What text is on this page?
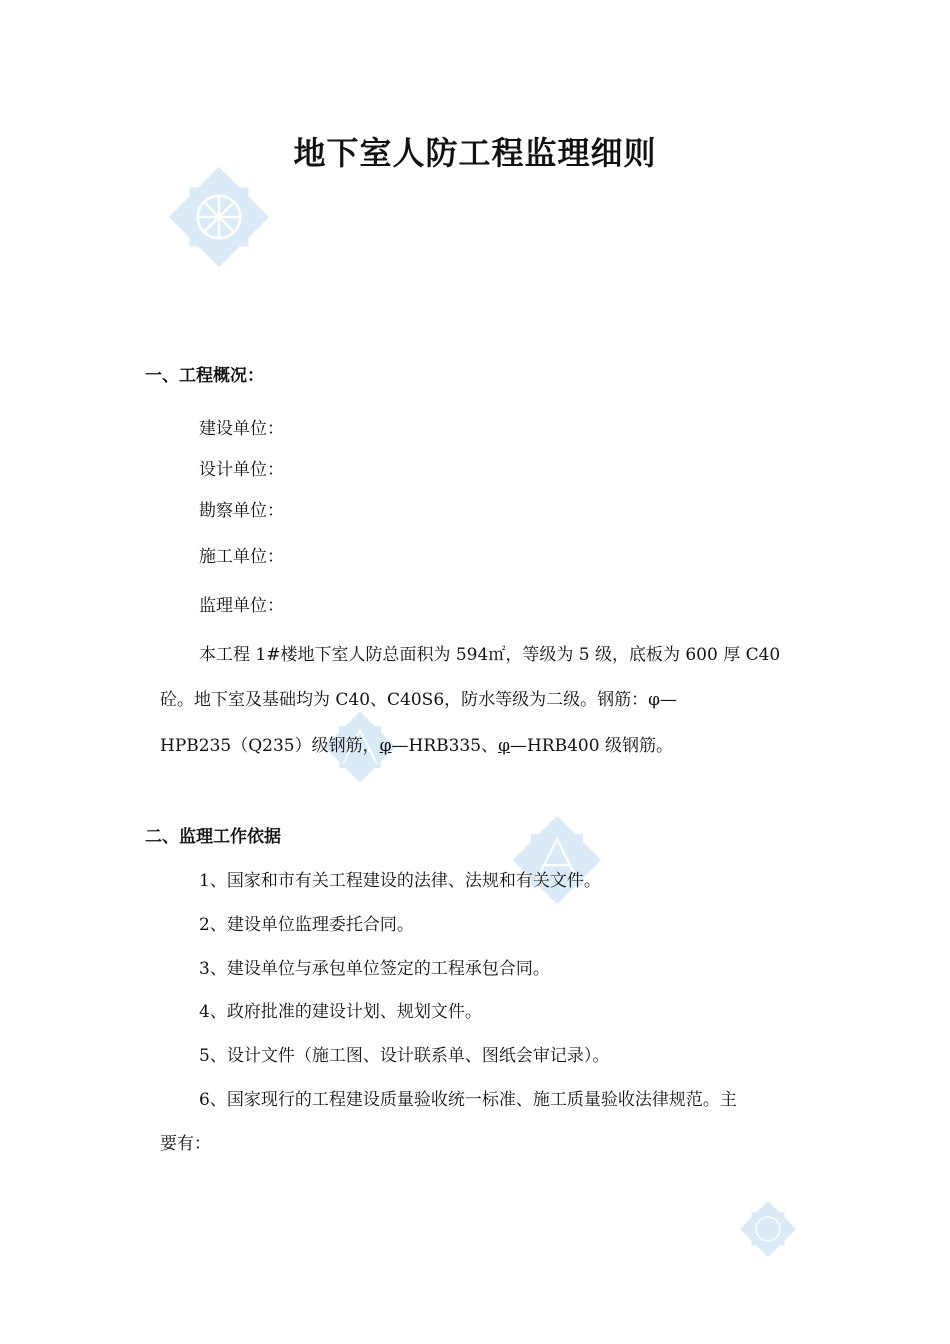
地下室人防工程监理细则
一、工程概况：
建设单位：
设计单位：
勘察单位：
施工单位：
监理单位：
本工程 1#楼地下室人防总面积为 594㎡，等级为 5 级，底板为 600 厚 C40
砼。地下室及基础均为 C40、C40S6，防水等级为二级。钢筋：φ—
HPB235（Q235）级钢筋，φ—HRB335、φ—HRB400 级钢筋。
二、监理工作依据
1、国家和市有关工程建设的法律、法规和有关文件。
2、建设单位监理委托合同。
3、建设单位与承包单位签定的工程承包合同。
4、政府批准的建设计划、规划文件。
5、设计文件（施工图、设计联系单、图纸会审记录）。
6、国家现行的工程建设质量验收统一标准、施工质量验收法律规范。主
要有：
